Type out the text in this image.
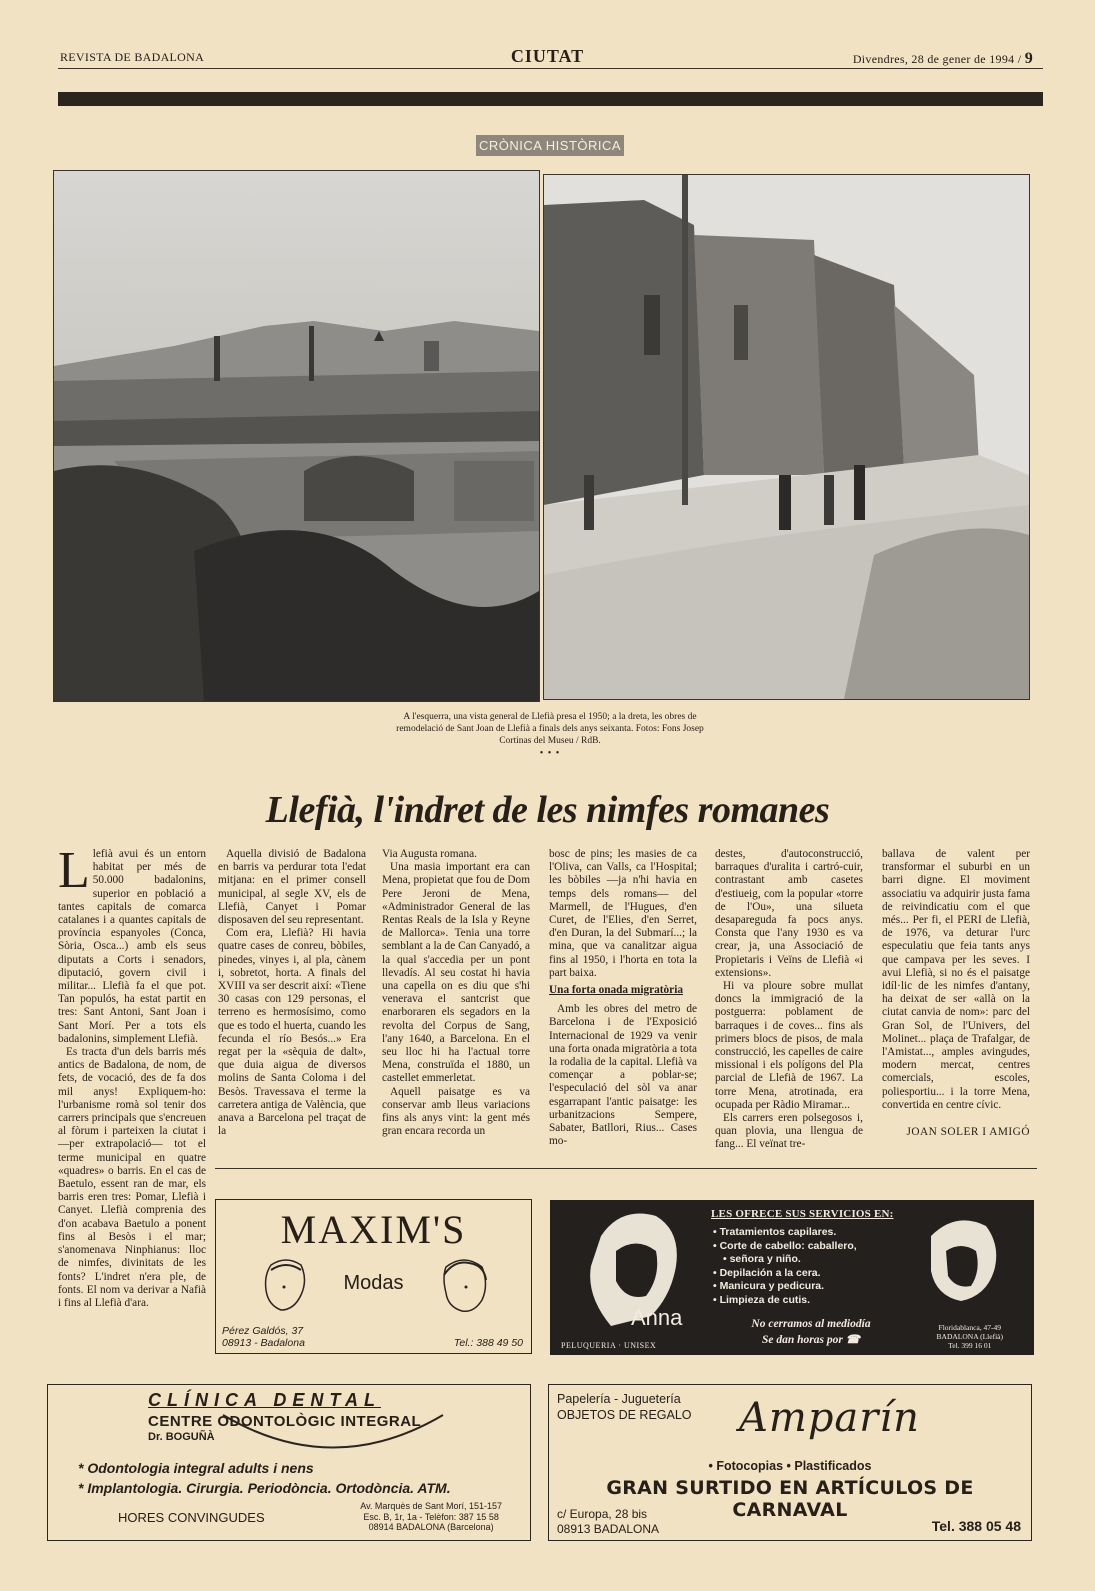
REVISTA DE BADALONA	CIUTAT	Divendres, 28 de gener de 1994 / 9
CRÒNICA HISTÒRICA
A l'esquerra, una vista general de Llefià presa el 1950; a la dreta, les obres de remodelació de Sant Joan de Llefià a finals dels anys seixanta. Fotos: Fons Josep Cortinas del Museu / RdB.
• • •
Llefià, l'indret de les nimfes romanes

Llefià avui és un entorn habitat per més de 50.000 badalonins, superior en població a tantes capitals de comarca catalanes i a quantes capitals de província espanyoles (Conca, Sòria, Osca...) amb els seus diputats a Corts i senadors, diputació, govern civil i militar... Llefià fa el que pot. Tan populós, ha estat partit en tres: Sant Antoni, Sant Joan i Sant Morí. Per a tots els badalonins, simplement Llefià.

Es tracta d'un dels barris més antics de Badalona, de nom, de fets, de vocació, des de fa dos mil anys! Expliquem-ho: l'urbanisme romà sol tenir dos carrers principals que s'encreuen al fòrum i parteixen la ciutat i —per extrapolació— tot el terme municipal en quatre «quadres» o barris. En el cas de Baetulo, essent ran de mar, els barris eren tres: Pomar, Llefià i Canyet. Llefià comprenia des d'on acabava Baetulo a ponent fins al Besòs i el mar; s'anomenava Ninphianus: lloc de nimfes, divinitats de les fonts? L'indret n'era ple, de fonts. El nom va derivar a Nafià i fins al Llefià d'ara.

Aquella divisió de Badalona en barris va perdurar tota l'edat mitjana: en el primer consell municipal, al segle XV, els de Llefià, Canyet i Pomar disposaven del seu representant.

Com era, Llefià? Hi havia quatre cases de conreu, bòbiles, pinedes, vinyes i, al pla, cànem i, sobretot, horta. A finals del XVIII va ser descrit així: «Tiene 30 casas con 129 personas, el terreno es hermosísimo, como que es todo el huerta, cuando les fecunda el río Besós...» Era regat per la «sèquia de dalt», que duia aigua de diversos molins de Santa Coloma i del Besòs. Travessava el terme la carretera antiga de València, que anava a Barcelona pel traçat de la

Via Augusta romana.

Una masia important era can Mena, propietat que fou de Dom Pere Jeroni de Mena, «Administrador General de las Rentas Reals de la Isla y Reyne de Mallorca». Tenia una torre semblant a la de Can Canyadó, a la qual s'accedia per un pont llevadís. Al seu costat hi havia una capella on es diu que s'hi venerava el santcrist que enarboraren els segadors en la revolta del Corpus de Sang, l'any 1640, a Barcelona. En el seu lloc hi ha l'actual torre Mena, construïda el 1880, un castellet emmerletat.

Aquell paisatge es va conservar amb lleus variacions fins als anys vint: la gent més gran encara recorda un

bosc de pins; les masies de ca l'Oliva, can Valls, ca l'Hospital; les bòbiles —ja n'hi havia en temps dels romans— del Marmell, de l'Hugues, d'en Curet, de l'Elies, d'en Serret, d'en Duran, la del Submarí...; la mina, que va canalitzar aigua fins al 1950, i l'horta en tota la part baixa.

Una forta onada migratòria

Amb les obres del metro de Barcelona i de l'Exposició Internacional de 1929 va venir una forta onada migratòria a tota la rodalia de la capital. Llefià va començar a poblar-se; l'especulació del sòl va anar esgarrapant l'antic paisatge: les urbanitzacions Sempere, Sabater, Batllori, Rius... Cases mo-

destes, d'autoconstrucció, barraques d'uralita i cartró-cuir, contrastant amb casetes d'estiueig, com la popular «torre de l'Ou», una silueta desapareguda fa pocs anys. Consta que l'any 1930 es va crear, ja, una Associació de Propietaris i Veïns de Llefià «i extensions».

Hi va ploure sobre mullat doncs la immigració de la postguerra: poblament de barraques i de coves... fins als primers blocs de pisos, de mala construcció, les capelles de caire missional i els polígons del Pla parcial de Llefià de 1967. La torre Mena, atrotinada, era ocupada per Ràdio Miramar...

Els carrers eren polsegosos i, quan plovia, una llengua de fang... El veïnat tre-

ballava de valent per transformar el suburbi en un barri digne. El moviment associatiu va adquirir justa fama de reivindicatiu com el que més... Per fi, el PERI de Llefià, de 1976, va deturar l'urc especulatiu que feia tants anys que campava per les seves. I avui Llefià, si no és el paisatge idíl·lic de les nimfes d'antany, ha deixat de ser «allà on la ciutat canvia de nom»: parc del Gran Sol, de l'Univers, del Molinet... plaça de Trafalgar, de l'Amistat..., amples avingudes, modern mercat, centres comercials, escoles, poliesportiu... i la torre Mena, convertida en centre cívic.

JOAN SOLER I AMIGÓ
MAXIM'S
Modas
Pérez Galdós, 37
08913 - Badalona	Tel.: 388 49 50
LES OFRECE SUS SERVICIOS EN:
• Tratamientos capilares.
• Corte de cabello: caballero,
• señora y niño.
• Depilación a la cera.
• Manicura y pedicura.
• Limpieza de cutis.
No cerramos al mediodía
Se dan horas por ☎
Anna
PELUQUERIA · UNISEX
Floridablanca, 47-49
BADALONA (Llefià)
Tel. 399 16 01
CLÍNICA DENTAL
CENTRE ODONTOLÒGIC INTEGRAL
Dr. BOGUÑÀ
* Odontologia integral adults i nens
* Implantologia. Cirurgia. Periodòncia. Ortodòncia. ATM.
HORES CONVINGUDES
Av. Marquès de Sant Morí, 151-157
Esc. B, 1r, 1a - Telèfon: 387 15 58
08914 BADALONA (Barcelona)
Papelería - Juguetería
OBJETOS DE REGALO Amparín
• Fotocopias • Plastificados
GRAN SURTIDO EN ARTÍCULOS DE CARNAVAL
c/ Europa, 28 bis
08913 BADALONA	Tel. 388 05 48
